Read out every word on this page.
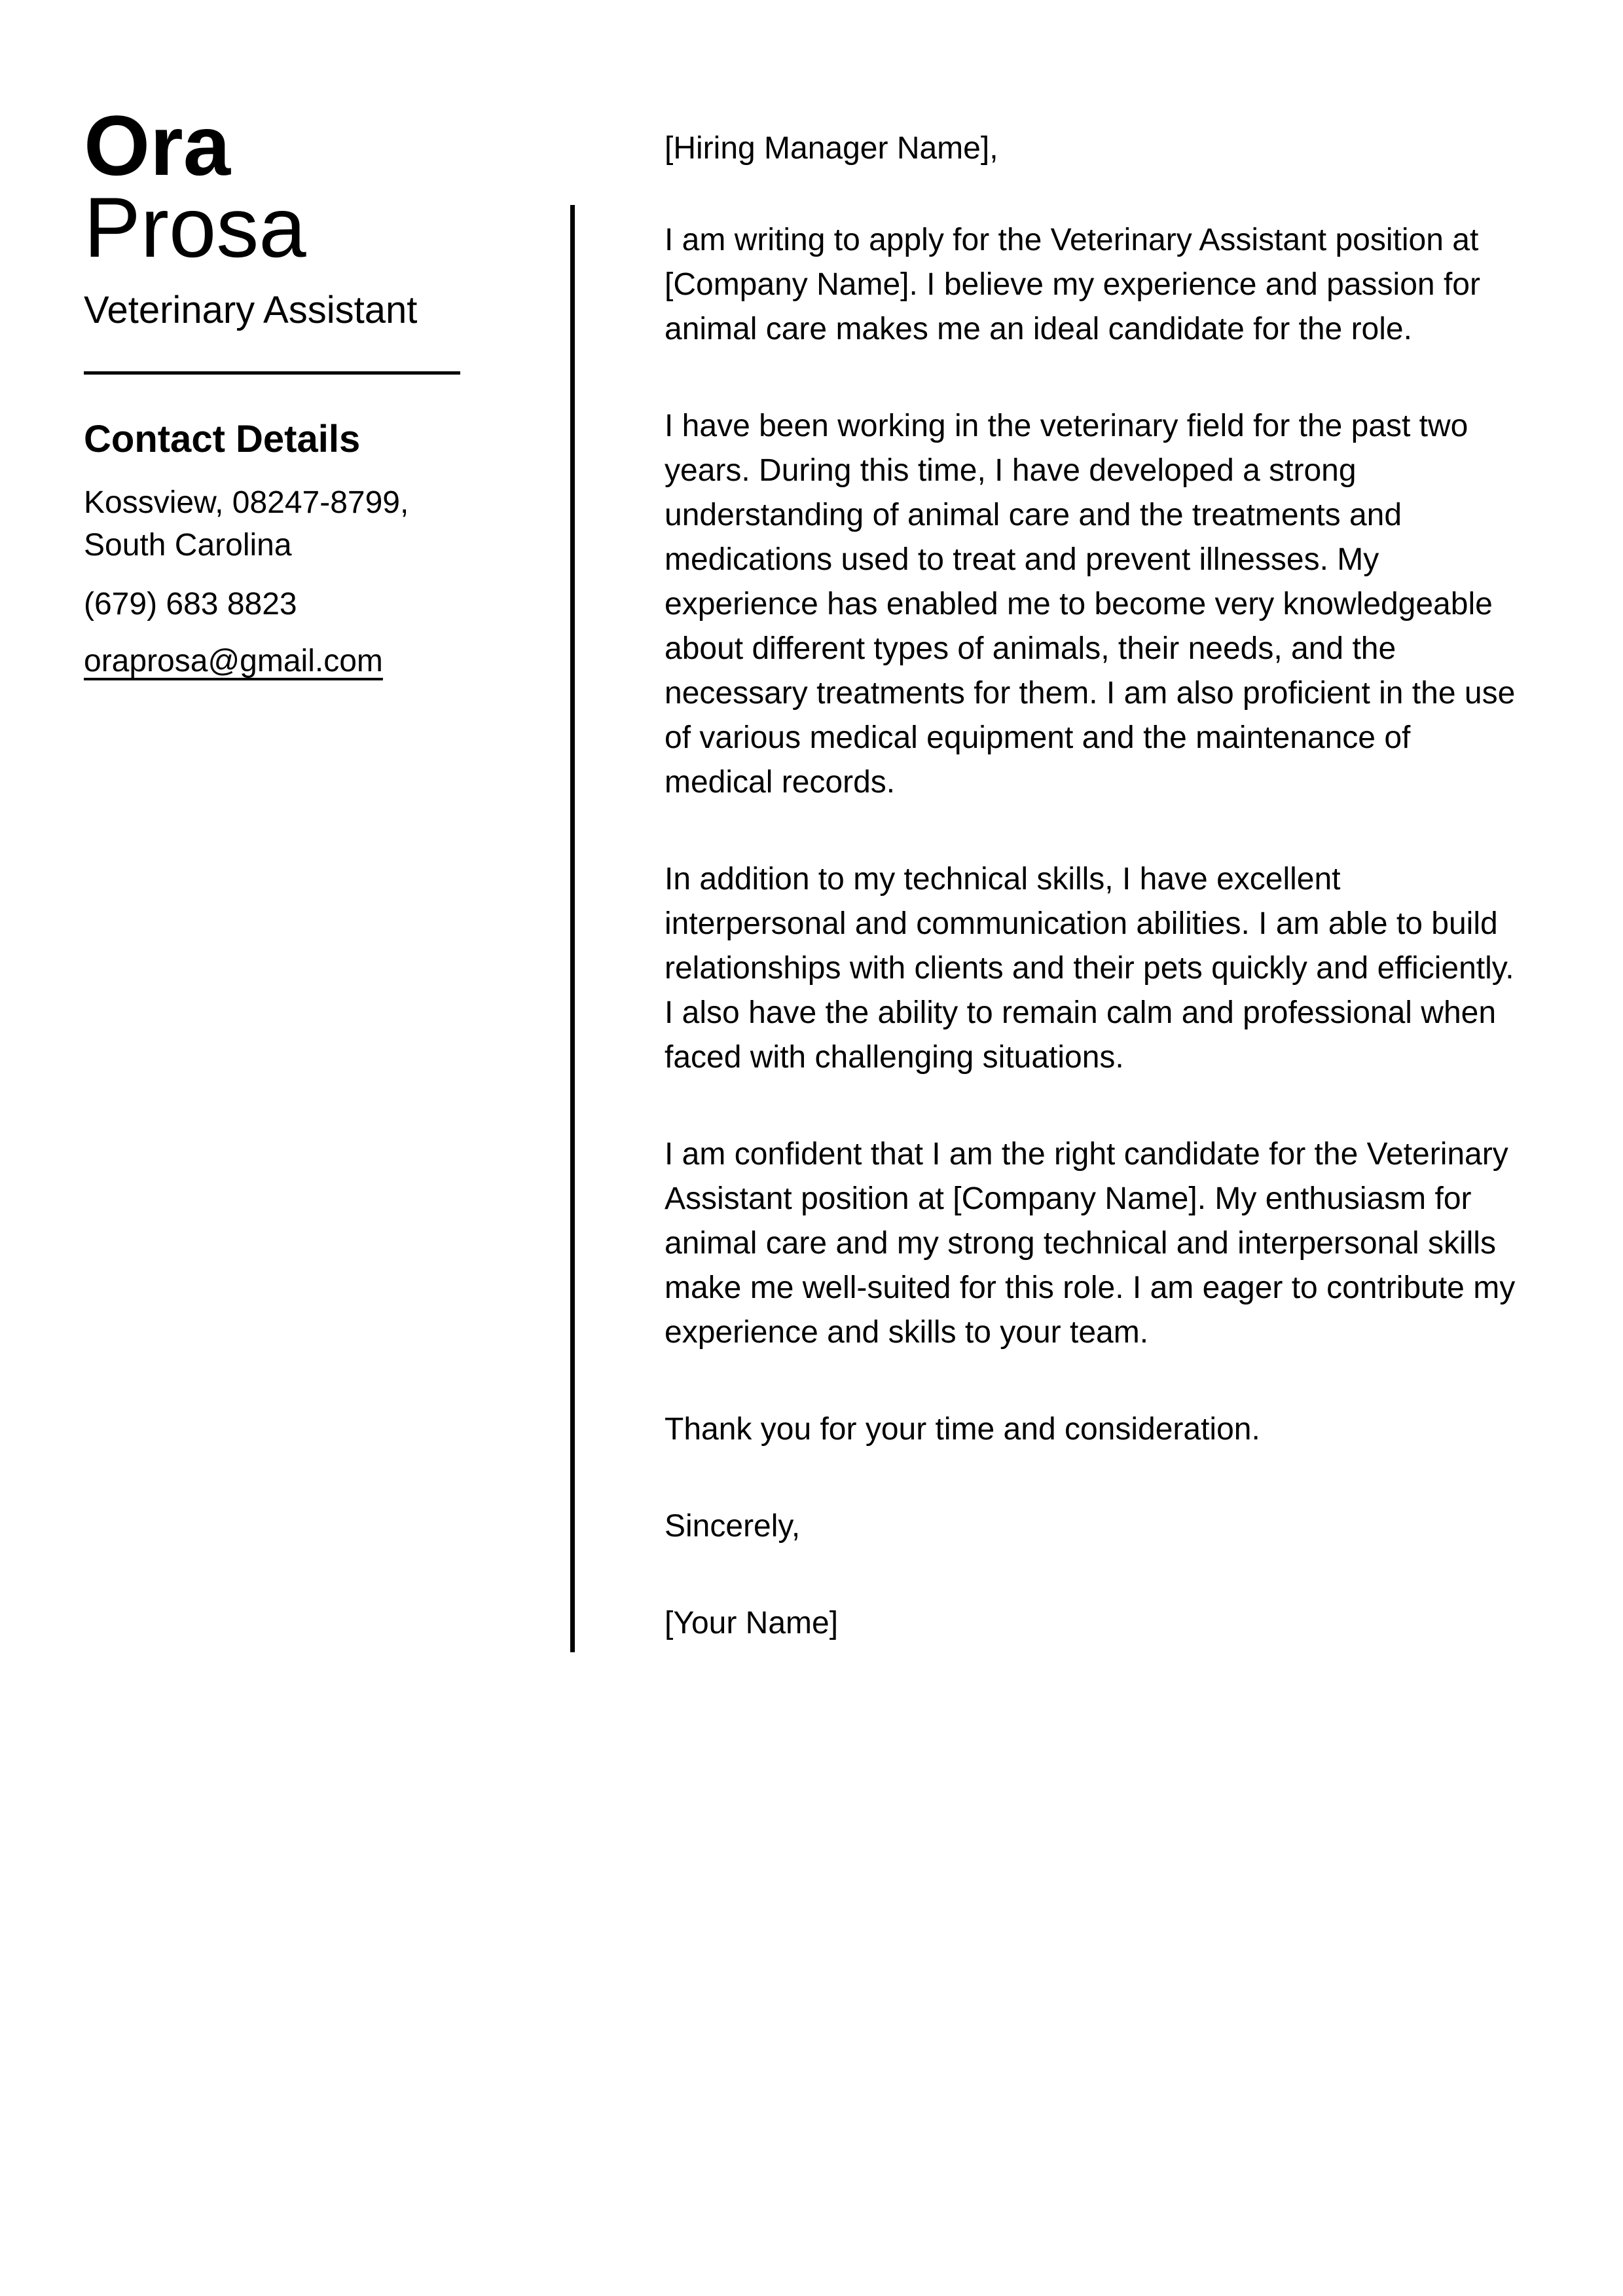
Ora
Prosa
Veterinary Assistant
Contact Details

Kossview, 08247-8799,
South Carolina

(679) 683 8823

oraprosa@gmail.com

[Hiring Manager Name],

I am writing to apply for the Veterinary Assistant position at [Company Name]. I believe my experience and passion for animal care makes me an ideal candidate for the role.

I have been working in the veterinary field for the past two years. During this time, I have developed a strong understanding of animal care and the treatments and medications used to treat and prevent illnesses. My experience has enabled me to become very knowledgeable about different types of animals, their needs, and the necessary treatments for them. I am also proficient in the use of various medical equipment and the maintenance of medical records.

In addition to my technical skills, I have excellent interpersonal and communication abilities. I am able to build relationships with clients and their pets quickly and efficiently. I also have the ability to remain calm and professional when faced with challenging situations.

I am confident that I am the right candidate for the Veterinary Assistant position at [Company Name]. My enthusiasm for animal care and my strong technical and interpersonal skills make me well-suited for this role. I am eager to contribute my experience and skills to your team.

Thank you for your time and consideration.

Sincerely,

[Your Name]
